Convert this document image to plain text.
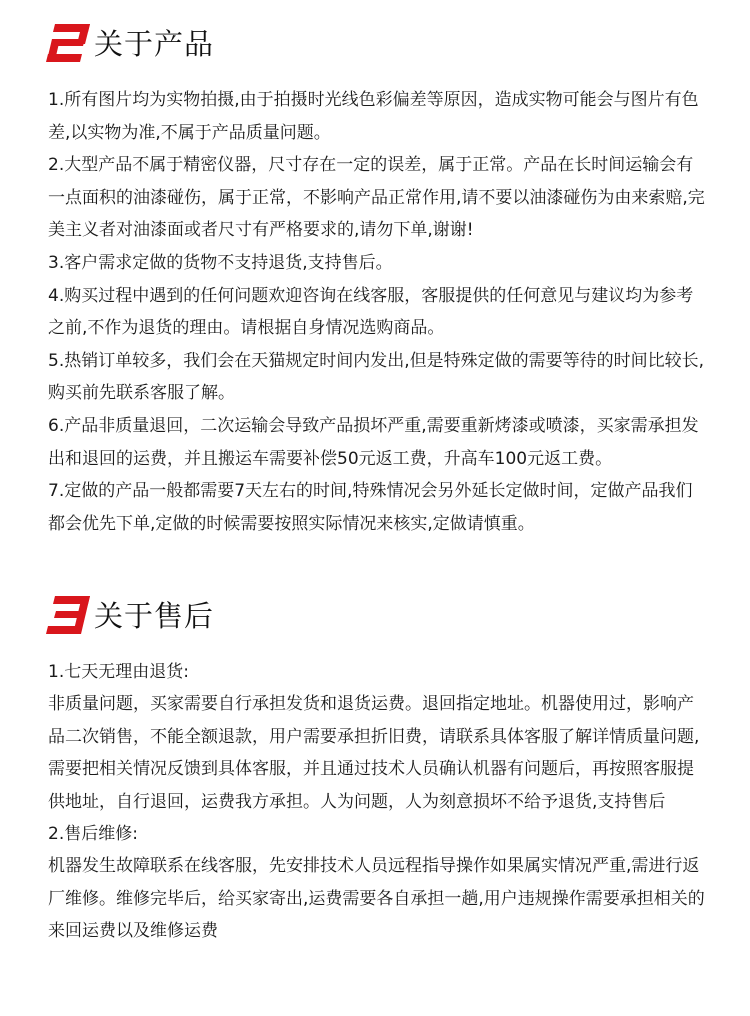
关于产品

1.所有图片均为实物拍摄,由于拍摄时光线色彩偏差等原因，造成实物可能会与图片有色差,以实物为准,不属于产品质量问题。

2.大型产品不属于精密仪器，尺寸存在一定的误差，属于正常。产品在长时间运输会有一点面积的油漆碰伤，属于正常，不影响产品正常作用,请不要以油漆碰伤为由来索赔,完美主义者对油漆面或者尺寸有严格要求的,请勿下单,谢谢!

3.客户需求定做的货物不支持退货,支持售后。

4.购买过程中遇到的任何问题欢迎咨询在线客服，客服提供的任何意见与建议均为参考之前,不作为退货的理由。请根据自身情况选购商品。

5.热销订单较多，我们会在天猫规定时间内发出,但是特殊定做的需要等待的时间比较长,购买前先联系客服了解。

6.产品非质量退回，二次运输会导致产品损坏严重,需要重新烤漆或喷漆，买家需承担发出和退回的运费，并且搬运车需要补偿50元返工费，升高车100元返工费。

7.定做的产品一般都需要7天左右的时间,特殊情况会另外延长定做时间，定做产品我们都会优先下单,定做的时候需要按照实际情况来核实,定做请慎重。

关于售后

1.七天无理由退货:

非质量问题，买家需要自行承担发货和退货运费。退回指定地址。机器使用过，影响产品二次销售，不能全额退款，用户需要承担折旧费，请联系具体客服了解详情质量问题,需要把相关情况反馈到具体客服，并且通过技术人员确认机器有问题后，再按照客服提供地址，自行退回，运费我方承担。人为问题，人为刻意损坏不给予退货,支持售后

2.售后维修:

机器发生故障联系在线客服，先安排技术人员远程指导操作如果属实情况严重,需进行返厂维修。维修完毕后，给买家寄出,运费需要各自承担一趟,用户违规操作需要承担相关的来回运费以及维修运费
